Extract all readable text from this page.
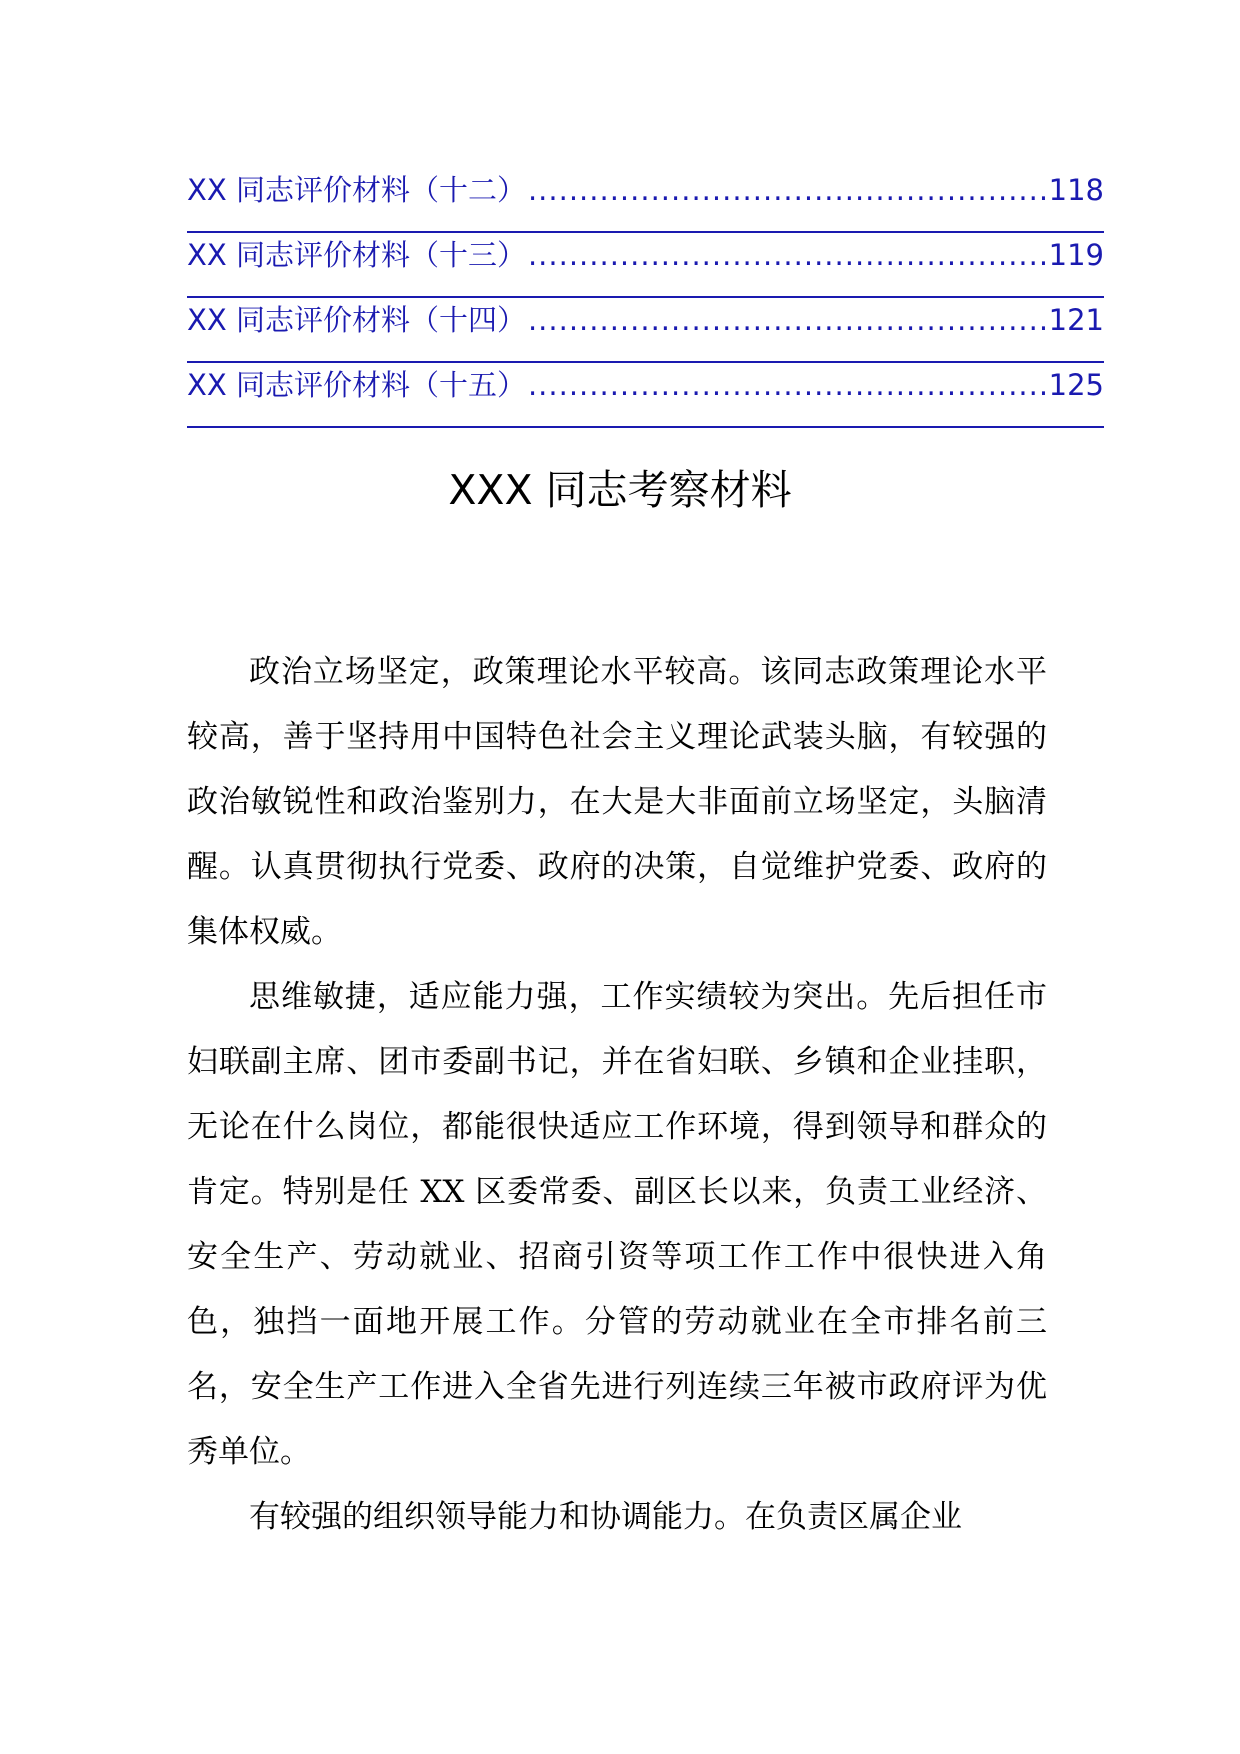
XX 同志评价材料（十二） .....	118
XX 同志评价材料（十三） .....	119
XX 同志评价材料（十四） .....	121
XX 同志评价材料（十五） .....	125
XXX 同志考察材料

政治立场坚定，政策理论水平较高。该同志政策理论水平较高，善于坚持用中国特色社会主义理论武装头脑，有较强的政治敏锐性和政治鉴别力，在大是大非面前立场坚定，头脑清醒。认真贯彻执行党委、政府的决策，自觉维护党委、政府的集体权威。

思维敏捷，适应能力强，工作实绩较为突出。先后担任市妇联副主席、团市委副书记，并在省妇联、乡镇和企业挂职，无论在什么岗位，都能很快适应工作环境，得到领导和群众的肯定。特别是任 XX 区委常委、副区长以来，负责工业经济、安全生产、劳动就业、招商引资等项工作工作中很快进入角色，独挡一面地开展工作。分管的劳动就业在全市排名前三名，安全生产工作进入全省先进行列连续三年被市政府评为优秀单位。

有较强的组织领导能力和协调能力。在负责区属企业
